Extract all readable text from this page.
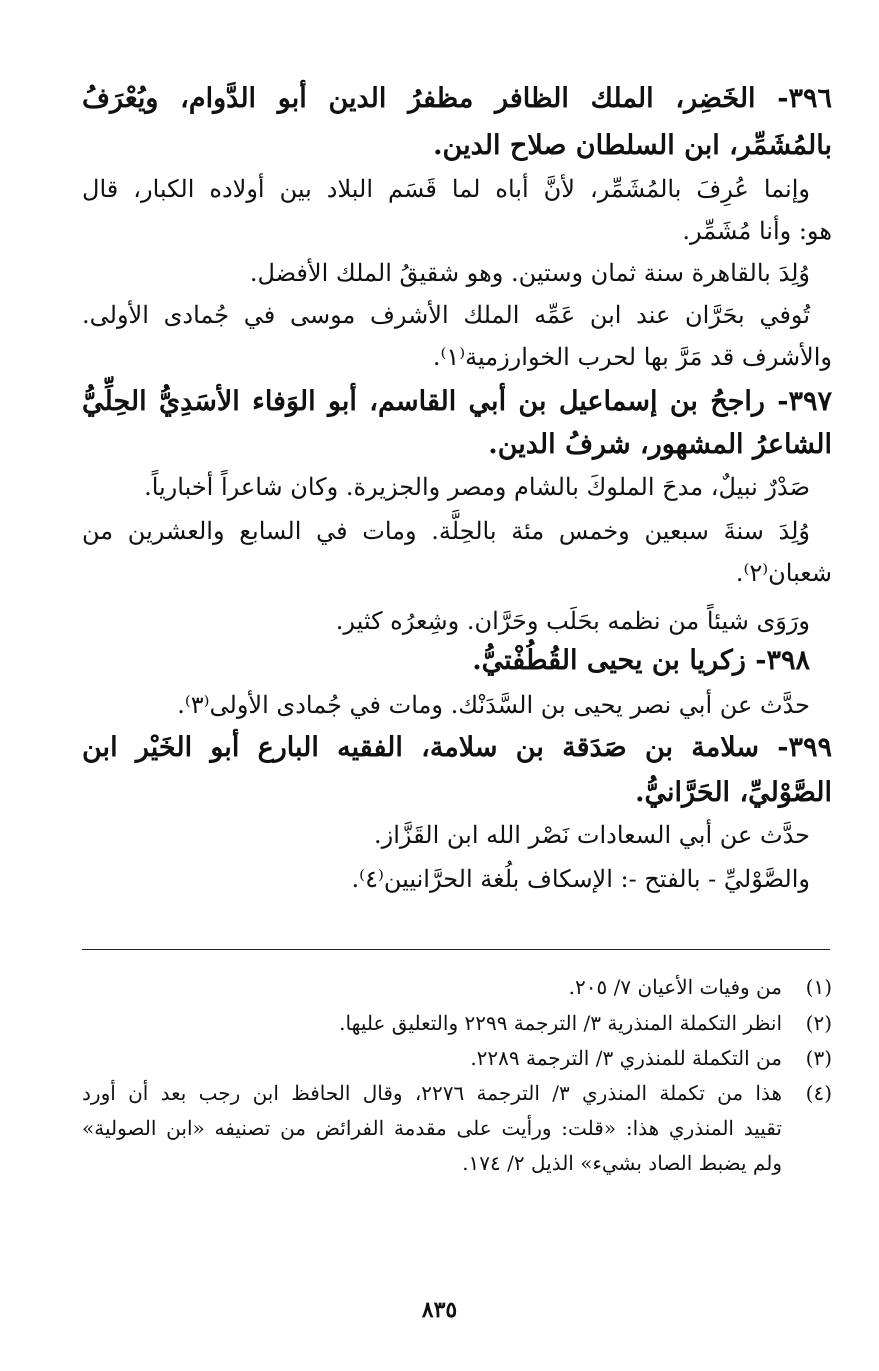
٣٩٦- الخَضِر، الملك الظافر مظفرُ الدين أبو الدَّوام، ويُعْرَفُ
بالمُشَمِّر، ابن السلطان صلاح الدين.
وإنما عُرِفَ بالمُشَمِّر، لأنَّ أباه لما قَسَم البلاد بين أولاده الكبار، قال
هو: وأنا مُشَمِّر.
وُلِدَ بالقاهرة سنة ثمان وستين. وهو شقيقُ الملك الأفضل.
تُوفي بحَرَّان عند ابن عَمِّه الملك الأشرف موسى في جُمادى الأولى.
والأشرف قد مَرَّ بها لحرب الخوارزمية⁽١⁾.
٣٩٧- راجحُ بن إسماعيل بن أبي القاسم، أبو الوَفاء الأسَدِيُّ الحِلِّيُّ
الشاعرُ المشهور، شرفُ الدين.
صَدْرٌ نبيلٌ، مدحَ الملوكَ بالشام ومصر والجزيرة. وكان شاعراً أخبارياً.
وُلِدَ سنةَ سبعين وخمس مئة بالحِلَّة. ومات في السابع والعشرين من
شعبان⁽٢⁾.
ورَوَى شيئاً من نظمه بحَلَب وحَرَّان. وشِعرُه كثير.
٣٩٨- زكريا بن يحيى القُطُفْتيُّ.
حدَّث عن أبي نصر يحيى بن السَّدَنْك. ومات في جُمادى الأولى⁽٣⁾.
٣٩٩- سلامة بن صَدَقة بن سلامة، الفقيه البارع أبو الخَيْر ابن
الصَّوْليِّ، الحَرَّانيُّ.
حدَّث عن أبي السعادات نَصْر الله ابن القَزَّاز.
والصَّوْليِّ - بالفتح -: الإسكاف بلُغة الحرَّانيين⁽٤⁾.
(١)
من وفيات الأعيان ٧/ ٢٠٥.
(٢)
انظر التكملة المنذرية ٣/ الترجمة ٢٢٩٩ والتعليق عليها.
(٣)
من التكملة للمنذري ٣/ الترجمة ٢٢٨٩.
(٤)
هذا من تكملة المنذري ٣/ الترجمة ٢٢٧٦، وقال الحافظ ابن رجب بعد أن أورد
تقييد المنذري هذا: «قلت: ورأيت على مقدمة الفرائض من تصنيفه «ابن الصولية»
ولم يضبط الصاد بشيء» الذيل ٢/ ١٧٤.
٨٣٥
